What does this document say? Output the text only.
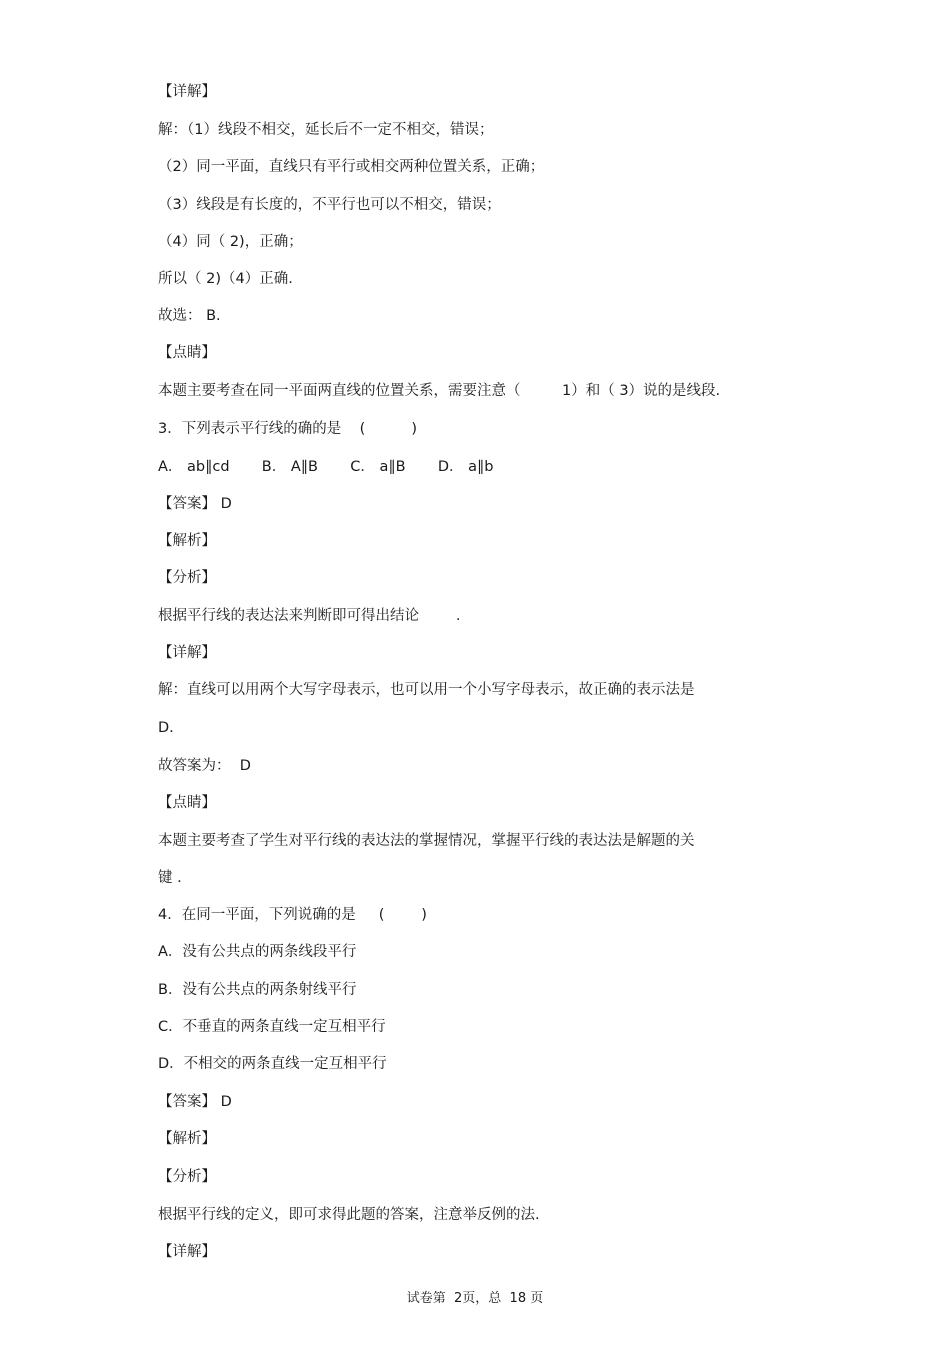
【详解】
解：（1）线段不相交，延长后不一定不相交，错误；
（2）同一平面，直线只有平行或相交两种位置关系，正确；
（3）线段是有长度的，不平行也可以不相交，错误；
（4）同（ 2)，正确；
所以（ 2)（4）正确.
故选： B.
【点睛】
本题主要考查在同一平面两直线的位置关系，需要注意（         1）和（ 3）说的是线段.
3．下列表示平行线的确的是    (          )
A． ab∥cd       B． A∥B       C． a∥B       D． a∥b
【答案】 D
【解析】
【分析】
根据平行线的表达法来判断即可得出结论        .
【详解】
解：直线可以用两个大写字母表示，也可以用一个小写字母表示，故正确的表示法是
D.
故答案为：  D
【点睛】
本题主要考查了学生对平行线的表达法的掌握情况，掌握平行线的表达法是解题的关
键 .
4．在同一平面，下列说确的是     (        )
A．没有公共点的两条线段平行
B．没有公共点的两条射线平行
C．不垂直的两条直线一定互相平行
D．不相交的两条直线一定互相平行
【答案】 D
【解析】
【分析】
根据平行线的定义，即可求得此题的答案，注意举反例的法.
【详解】
试卷第  2页，总  18 页
